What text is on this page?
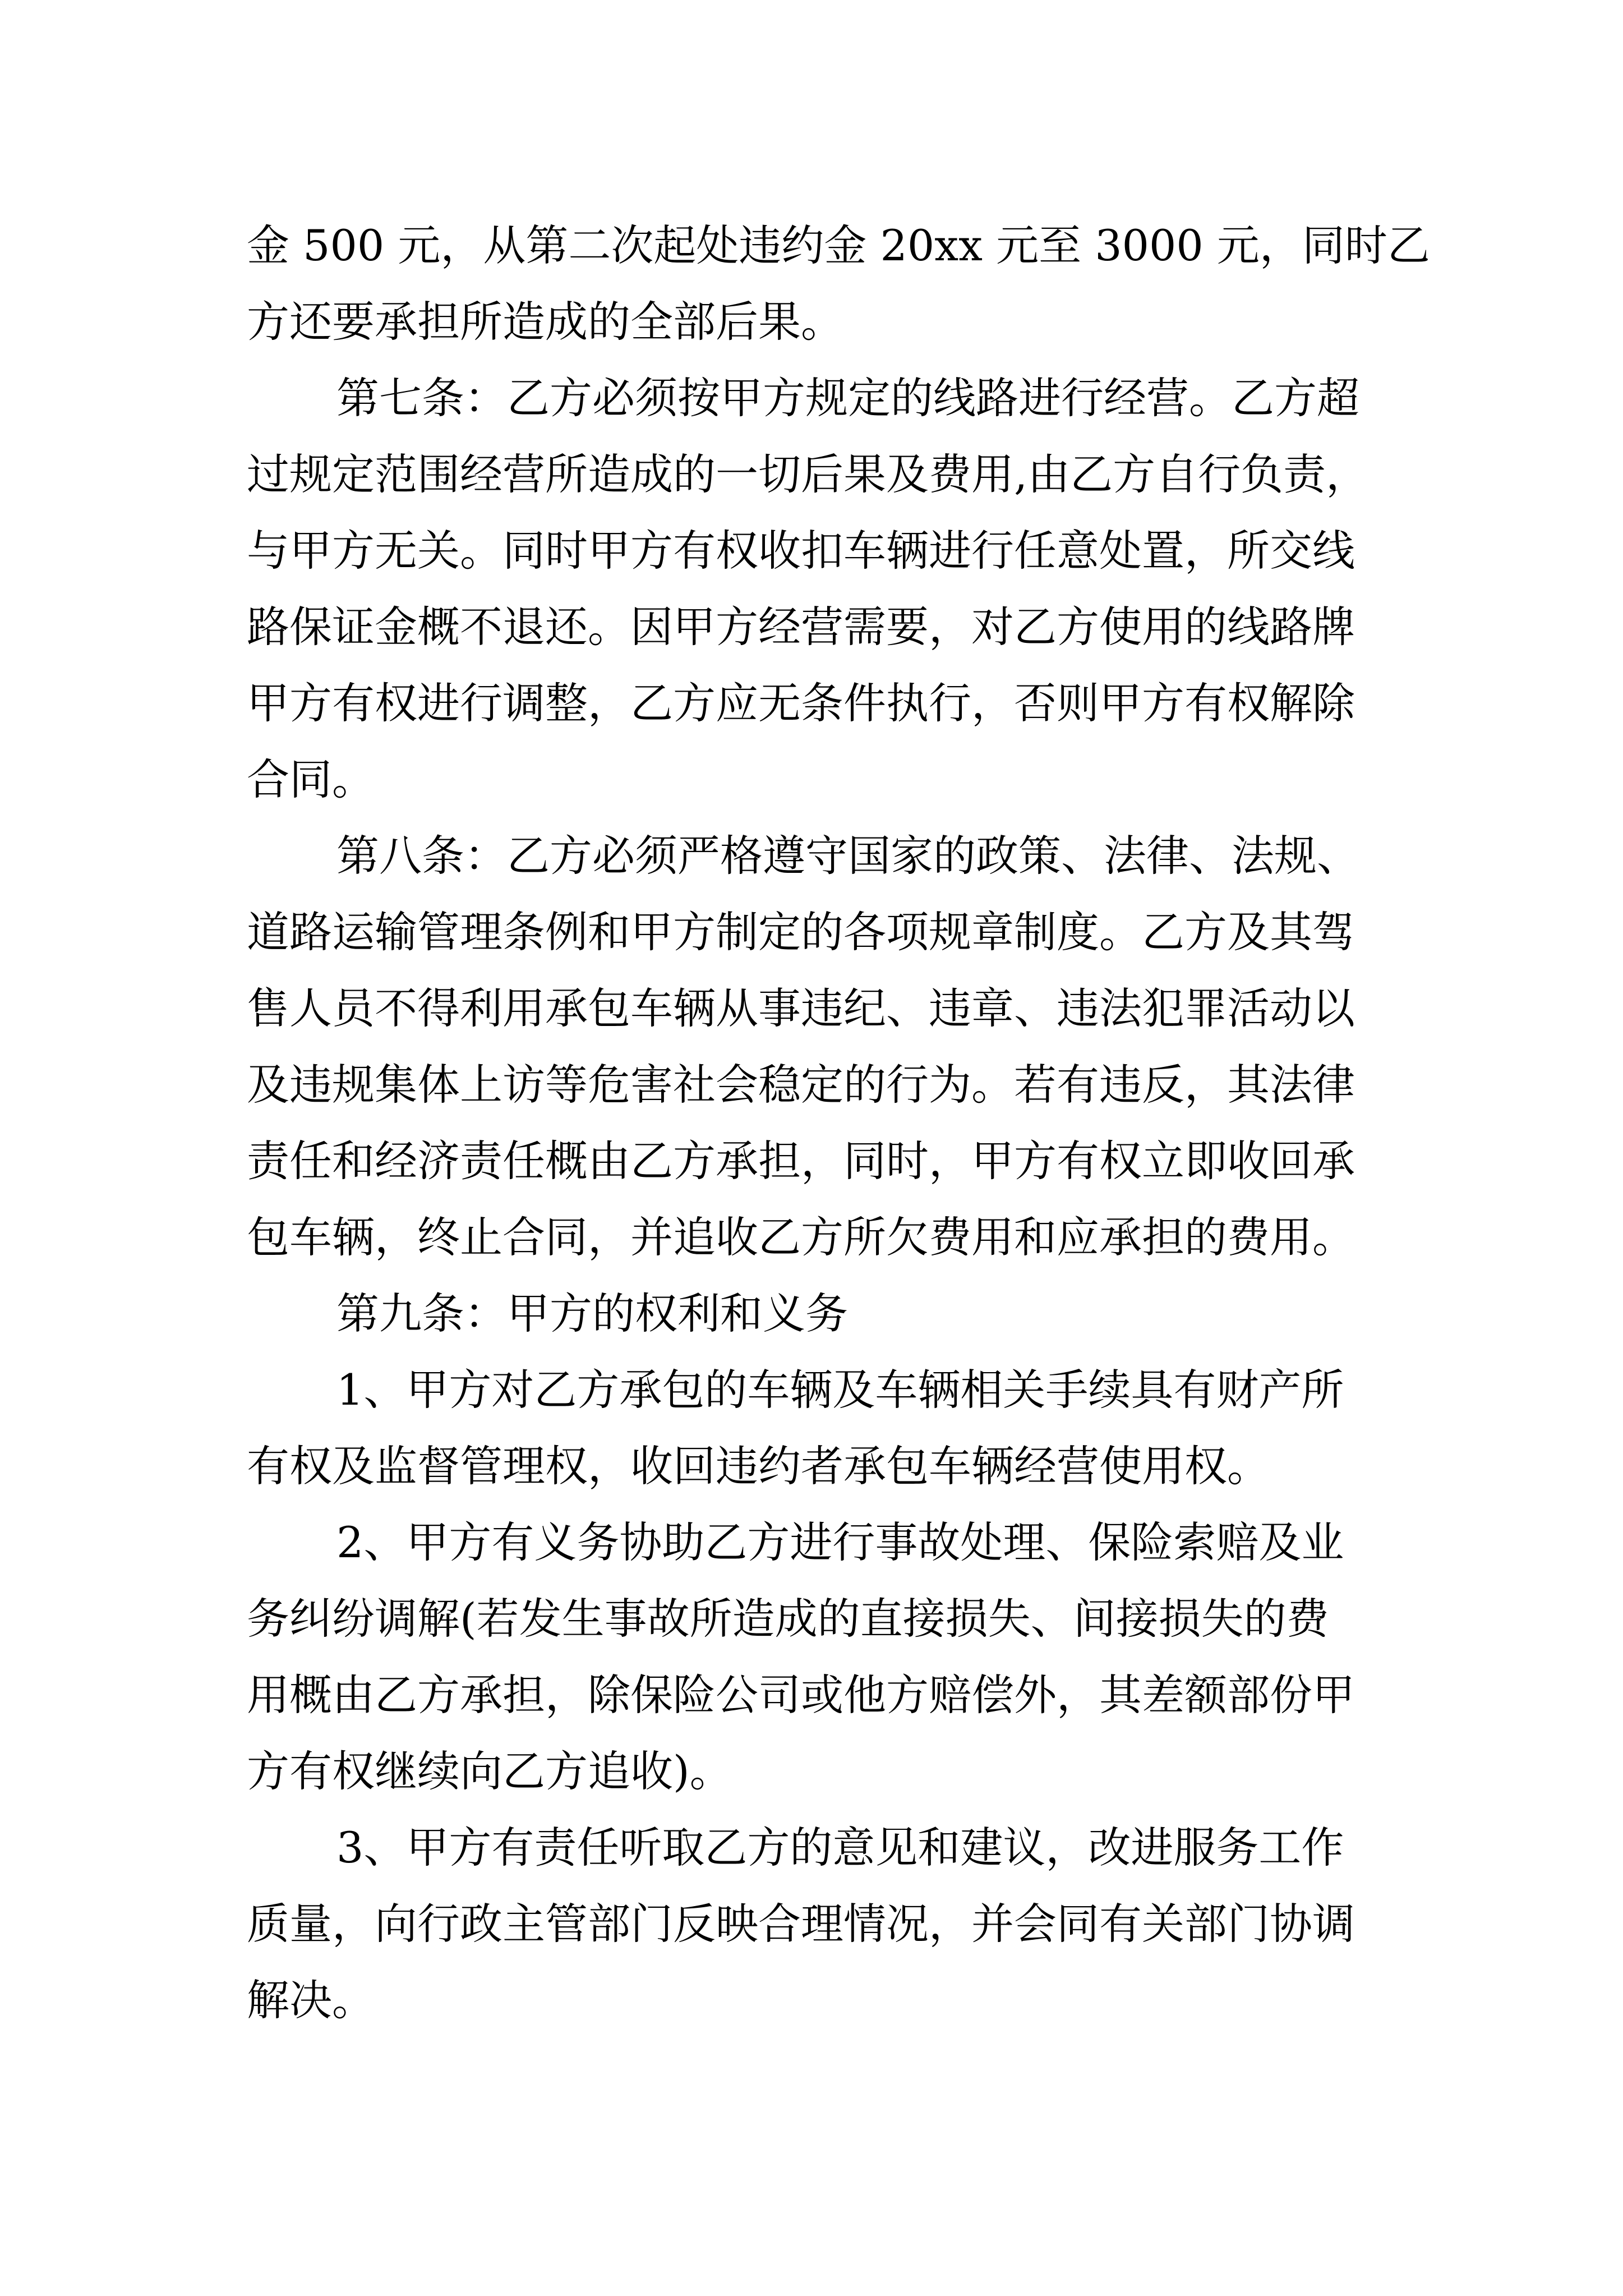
金 500 元，从第二次起处违约金 20xx 元至 3000 元，同时乙
方还要承担所造成的全部后果。
第七条：乙方必须按甲方规定的线路进行经营。乙方超
过规定范围经营所造成的一切后果及费用,由乙方自行负责，
与甲方无关。同时甲方有权收扣车辆进行任意处置，所交线
路保证金概不退还。因甲方经营需要，对乙方使用的线路牌
甲方有权进行调整，乙方应无条件执行，否则甲方有权解除
合同。
第八条：乙方必须严格遵守国家的政策、法律、法规、
道路运输管理条例和甲方制定的各项规章制度。乙方及其驾
售人员不得利用承包车辆从事违纪、违章、违法犯罪活动以
及违规集体上访等危害社会稳定的行为。若有违反，其法律
责任和经济责任概由乙方承担，同时，甲方有权立即收回承
包车辆，终止合同，并追收乙方所欠费用和应承担的费用。
第九条：甲方的权利和义务
1、甲方对乙方承包的车辆及车辆相关手续具有财产所
有权及监督管理权，收回违约者承包车辆经营使用权。
2、甲方有义务协助乙方进行事故处理、保险索赔及业
务纠纷调解(若发生事故所造成的直接损失、间接损失的费
用概由乙方承担，除保险公司或他方赔偿外，其差额部份甲
方有权继续向乙方追收)。
3、甲方有责任听取乙方的意见和建议，改进服务工作
质量，向行政主管部门反映合理情况，并会同有关部门协调
解决。
